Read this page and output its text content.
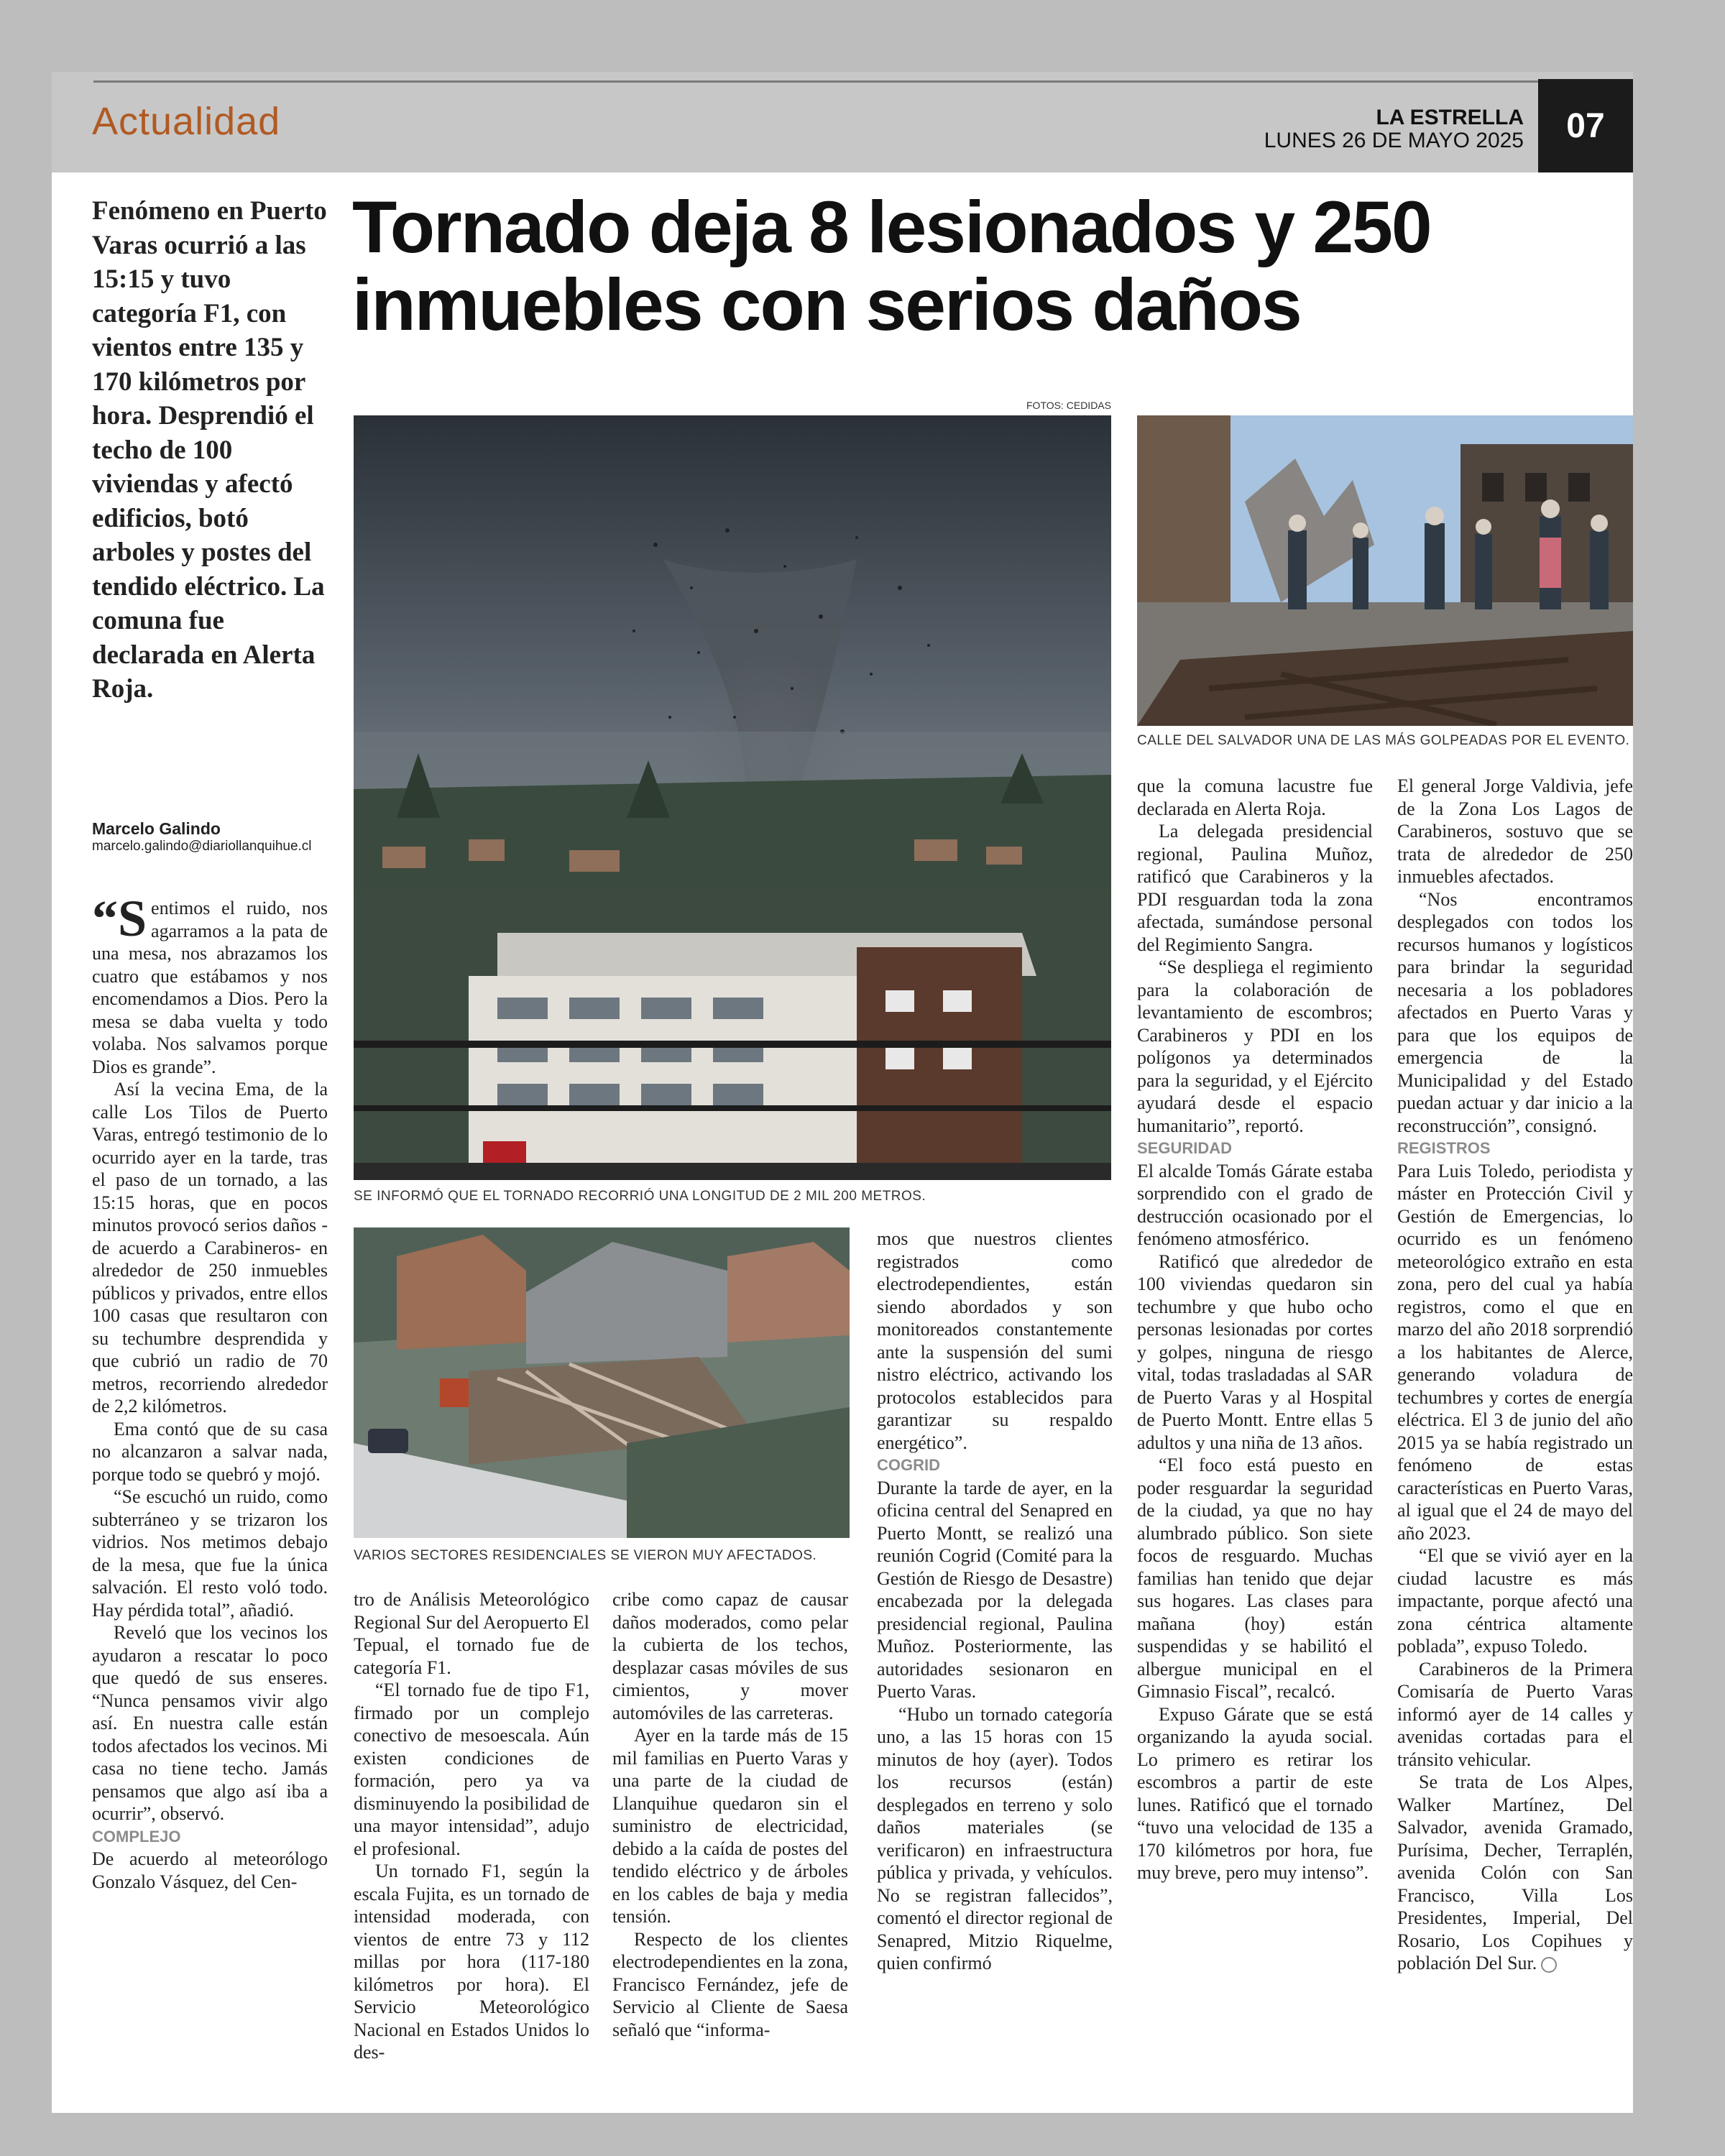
Actualidad	LA ESTRELLA
LUNES 26 DE MAYO 2025	07
Fenómeno en Puerto Varas ocurrió a las 15:15 y tuvo categoría F1, con vientos entre 135 y 170 kilómetros por hora. Desprendió el techo de 100 viviendas y afectó edificios, botó arboles y postes del tendido eléctrico. La comuna fue declarada en Alerta Roja.
Marcelo Galindo
marcelo.galindo@diariollanquihue.cl
Tornado deja 8 lesionados y 250 inmuebles con serios daños
FOTOS: CEDIDAS
SE INFORMÓ QUE EL TORNADO RECORRIÓ UNA LONGITUD DE 2 MIL 200 METROS.
CALLE DEL SALVADOR UNA DE LAS MÁS GOLPEADAS POR EL EVENTO.
VARIOS SECTORES RESIDENCIALES SE VIERON MUY AFECTADOS.

“Sentimos el ruido, nos agarramos a la pata de una mesa, nos abrazamos los cuatro que estábamos y nos encomendamos a Dios. Pero la mesa se daba vuelta y todo volaba. Nos salvamos porque Dios es grande”.

Así la vecina Ema, de la calle Los Tilos de Puerto Varas, entregó testimonio de lo ocurrido ayer en la tarde, tras el paso de un tornado, a las 15:15 horas, que en pocos minutos provocó serios daños -de acuerdo a Carabineros- en alrededor de 250 inmuebles públicos y privados, entre ellos 100 casas que resultaron con su techumbre desprendida y que cubrió un radio de 70 metros, recorriendo alrededor de 2,2 kilómetros.

Ema contó que de su casa no alcanzaron a salvar nada, porque todo se quebró y mojó.

“Se escuchó un ruido, como subterráneo y se trizaron los vidrios. Nos metimos debajo de la mesa, que fue la única salvación. El resto voló todo. Hay pérdida total”, añadió.

Reveló que los vecinos los ayudaron a rescatar lo poco que quedó de sus enseres. “Nunca pensamos vivir algo así. En nuestra calle están todos afectados los vecinos. Mi casa no tiene techo. Jamás pensamos que algo así iba a ocurrir”, observó.

COMPLEJO

De acuerdo al meteorólogo Gonzalo Vásquez, del Cen-

tro de Análisis Meteorológico Regional Sur del Aeropuerto El Tepual, el tornado fue de categoría F1.

“El tornado fue de tipo F1, firmado por un complejo conectivo de mesoescala. Aún existen condiciones de formación, pero ya va disminuyendo la posibilidad de una mayor intensidad”, adujo el profesional.

Un tornado F1, según la escala Fujita, es un tornado de intensidad moderada, con vientos de entre 73 y 112 millas por hora (117-180 kilómetros por hora). El Servicio Meteorológico Nacional en Estados Unidos lo des-

cribe como capaz de causar daños moderados, como pelar la cubierta de los techos, desplazar casas móviles de sus cimientos, y mover automóviles de las carreteras.

Ayer en la tarde más de 15 mil familias en Puerto Varas y una parte de la ciudad de Llanquihue quedaron sin el suministro de electricidad, debido a la caída de postes del tendido eléctrico y de árboles en los cables de baja y media tensión.

Respecto de los clientes electrodependientes en la zona, Francisco Fernández, jefe de Servicio al Cliente de Saesa señaló que “informa-

mos que nuestros clientes registrados como electrodependientes, están siendo abordados y son monitoreados constantemente ante la suspensión del sumi nistro eléctrico, activando los protocolos establecidos para garantizar su respaldo energético”.

COGRID

Durante la tarde de ayer, en la oficina central del Senapred en Puerto Montt, se realizó una reunión Cogrid (Comité para la Gestión de Riesgo de Desastre) encabezada por la delegada presidencial regional, Paulina Muñoz. Posteriormente, las autoridades sesionaron en Puerto Varas.

“Hubo un tornado categoría uno, a las 15 horas con 15 minutos de hoy (ayer). Todos los recursos (están) desplegados en terreno y solo daños materiales (se verificaron) en infraestructura pública y privada, y vehículos. No se registran fallecidos”, comentó el director regional de Senapred, Mitzio Riquelme, quien confirmó

que la comuna lacustre fue declarada en Alerta Roja.

La delegada presidencial regional, Paulina Muñoz, ratificó que Carabineros y la PDI resguardan toda la zona afectada, sumándose personal del Regimiento Sangra.

“Se despliega el regimiento para la colaboración de levantamiento de escombros; Carabineros y PDI en los polígonos ya determinados para la seguridad, y el Ejército ayudará desde el espacio humanitario”, reportó.

SEGURIDAD

El alcalde Tomás Gárate estaba sorprendido con el grado de destrucción ocasionado por el fenómeno atmosférico.

Ratificó que alrededor de 100 viviendas quedaron sin techumbre y que hubo ocho personas lesionadas por cortes y golpes, ninguna de riesgo vital, todas trasladadas al SAR de Puerto Varas y al Hospital de Puerto Montt. Entre ellas 5 adultos y una niña de 13 años.

“El foco está puesto en poder resguardar la seguridad de la ciudad, ya que no hay alumbrado público. Son siete focos de resguardo. Muchas familias han tenido que dejar sus hogares. Las clases para mañana (hoy) están suspendidas y se habilitó el albergue municipal en el Gimnasio Fiscal”, recalcó.

Expuso Gárate que se está organizando la ayuda social. Lo primero es retirar los escombros a partir de este lunes. Ratificó que el tornado “tuvo una velocidad de 135 a 170 kilómetros por hora, fue muy breve, pero muy intenso”.

El general Jorge Valdivia, jefe de la Zona Los Lagos de Carabineros, sostuvo que se trata de alrededor de 250 inmuebles afectados.

“Nos encontramos desplegados con todos los recursos humanos y logísticos para brindar la seguridad necesaria a los pobladores afectados en Puerto Varas y para que los equipos de emergencia de la Municipalidad y del Estado puedan actuar y dar inicio a la reconstrucción”, consignó.

REGISTROS

Para Luis Toledo, periodista y máster en Protección Civil y Gestión de Emergencias, lo ocurrido es un fenómeno meteorológico extraño en esta zona, pero del cual ya había registros, como el que en marzo del año 2018 sorprendió a los habitantes de Alerce, generando voladura de techumbres y cortes de energía eléctrica. El 3 de junio del año 2015 ya se había registrado un fenómeno de estas características en Puerto Varas, al igual que el 24 de mayo del año 2023.

“El que se vivió ayer en la ciudad lacustre es más impactante, porque afectó una zona céntrica altamente poblada”, expuso Toledo.

Carabineros de la Primera Comisaría de Puerto Varas informó ayer de 14 calles y avenidas cortadas para el tránsito vehicular.

Se trata de Los Alpes, Walker Martínez, Del Salvador, avenida Gramado, Purísima, Decher, Terraplén, avenida Colón con San Francisco, Villa Los Presidentes, Imperial, Del Rosario, Los Copihues y población Del Sur.
